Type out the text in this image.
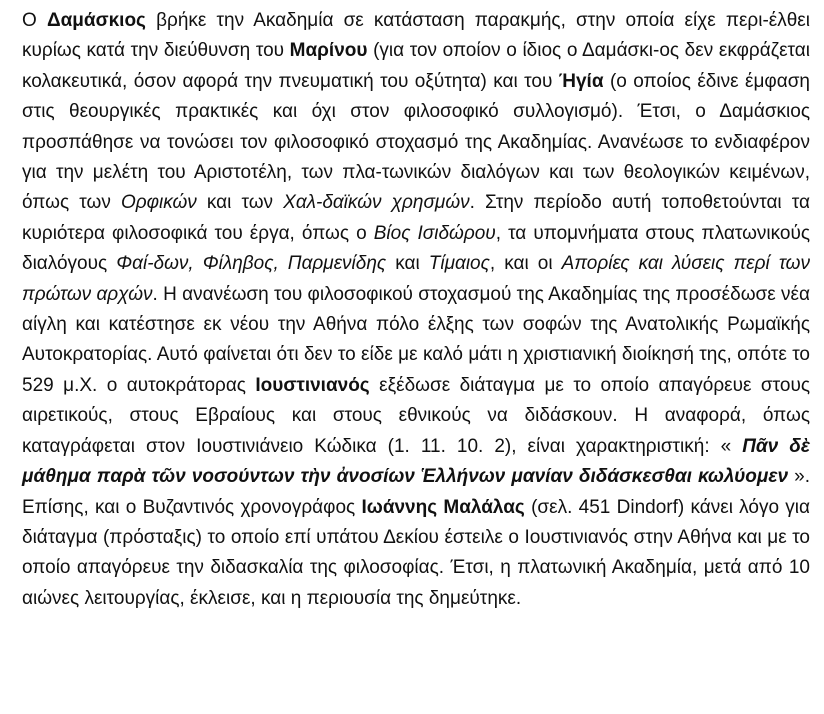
Ο Δαμάσκιος βρήκε την Ακαδημία σε κατάσταση παρακμής, στην οποία είχε περι-έλθει κυρίως κατά την διεύθυνση του Μαρίνου (για τον οποίον ο ίδιος ο Δαμάσκι-ος δεν εκφράζεται κολακευτικά, όσον αφορά την πνευματική του οξύτητα) και του Ήγία (ο οποίος έδινε έμφαση στις θεουργικές πρακτικές και όχι στον φιλοσοφικό συλλογισμό). Έτσι, ο Δαμάσκιος προσπάθησε να τονώσει τον φιλοσοφικό στοχασμό της Ακαδημίας. Ανανέωσε το ενδιαφέρον για την μελέτη του Αριστοτέλη, των πλα-τωνικών διαλόγων και των θεολογικών κειμένων, όπως των Ορφικών και των Χαλ-δαϊκών χρησμών. Στην περίοδο αυτή τοποθετούνται τα κυριότερα φιλοσοφικά του έργα, όπως ο Βίος Ισιδώρου, τα υπομνήματα στους πλατωνικούς διαλόγους Φαί-δων, Φίληβος, Παρμενίδης και Τίμαιος, και οι Απορίες και λύσεις περί των πρώτων αρχών. Η ανανέωση του φιλοσοφικού στοχασμού της Ακαδημίας της προσέδωσε νέα αίγλη και κατέστησε εκ νέου την Αθήνα πόλο έλξης των σοφών της Ανατολικής Ρωμαϊκής Αυτοκρατορίας. Αυτό φαίνεται ότι δεν το είδε με καλό μάτι η χριστιανική διοίκησή της, οπότε το 529 μ.Χ. ο αυτοκράτορας Ιουστινιανός εξέδωσε διάταγμα με το οποίο απαγόρευε στους αιρετικούς, στους Εβραίους και στους εθνικούς να διδάσκουν. Η αναφορά, όπως καταγράφεται στον Ιουστινιάνειο Κώδικα (1. 11. 10. 2), είναι χαρακτηριστική: « Πᾶν δὲ μάθημα παρὰ τῶν νοσούντων τὴν ἀνοσίων Ἑλλήνων μανίαν διδάσκεσθαι κωλύομεν ». Επίσης, και ο Βυζαντινός χρονογράφος Ιωάννης Μαλάλας (σελ. 451 Dindorf) κάνει λόγο για διάταγμα (πρόσταξις) το οποίο επί υπάτου Δεκίου έστειλε ο Ιουστινιανός στην Αθήνα και με το οποίο απαγόρευε την διδασκαλία της φιλοσοφίας. Έτσι, η πλατωνική Ακαδημία, μετά από 10 αιώνες λειτουργίας, έκλεισε, και η περιουσία της δημεύτηκε.
